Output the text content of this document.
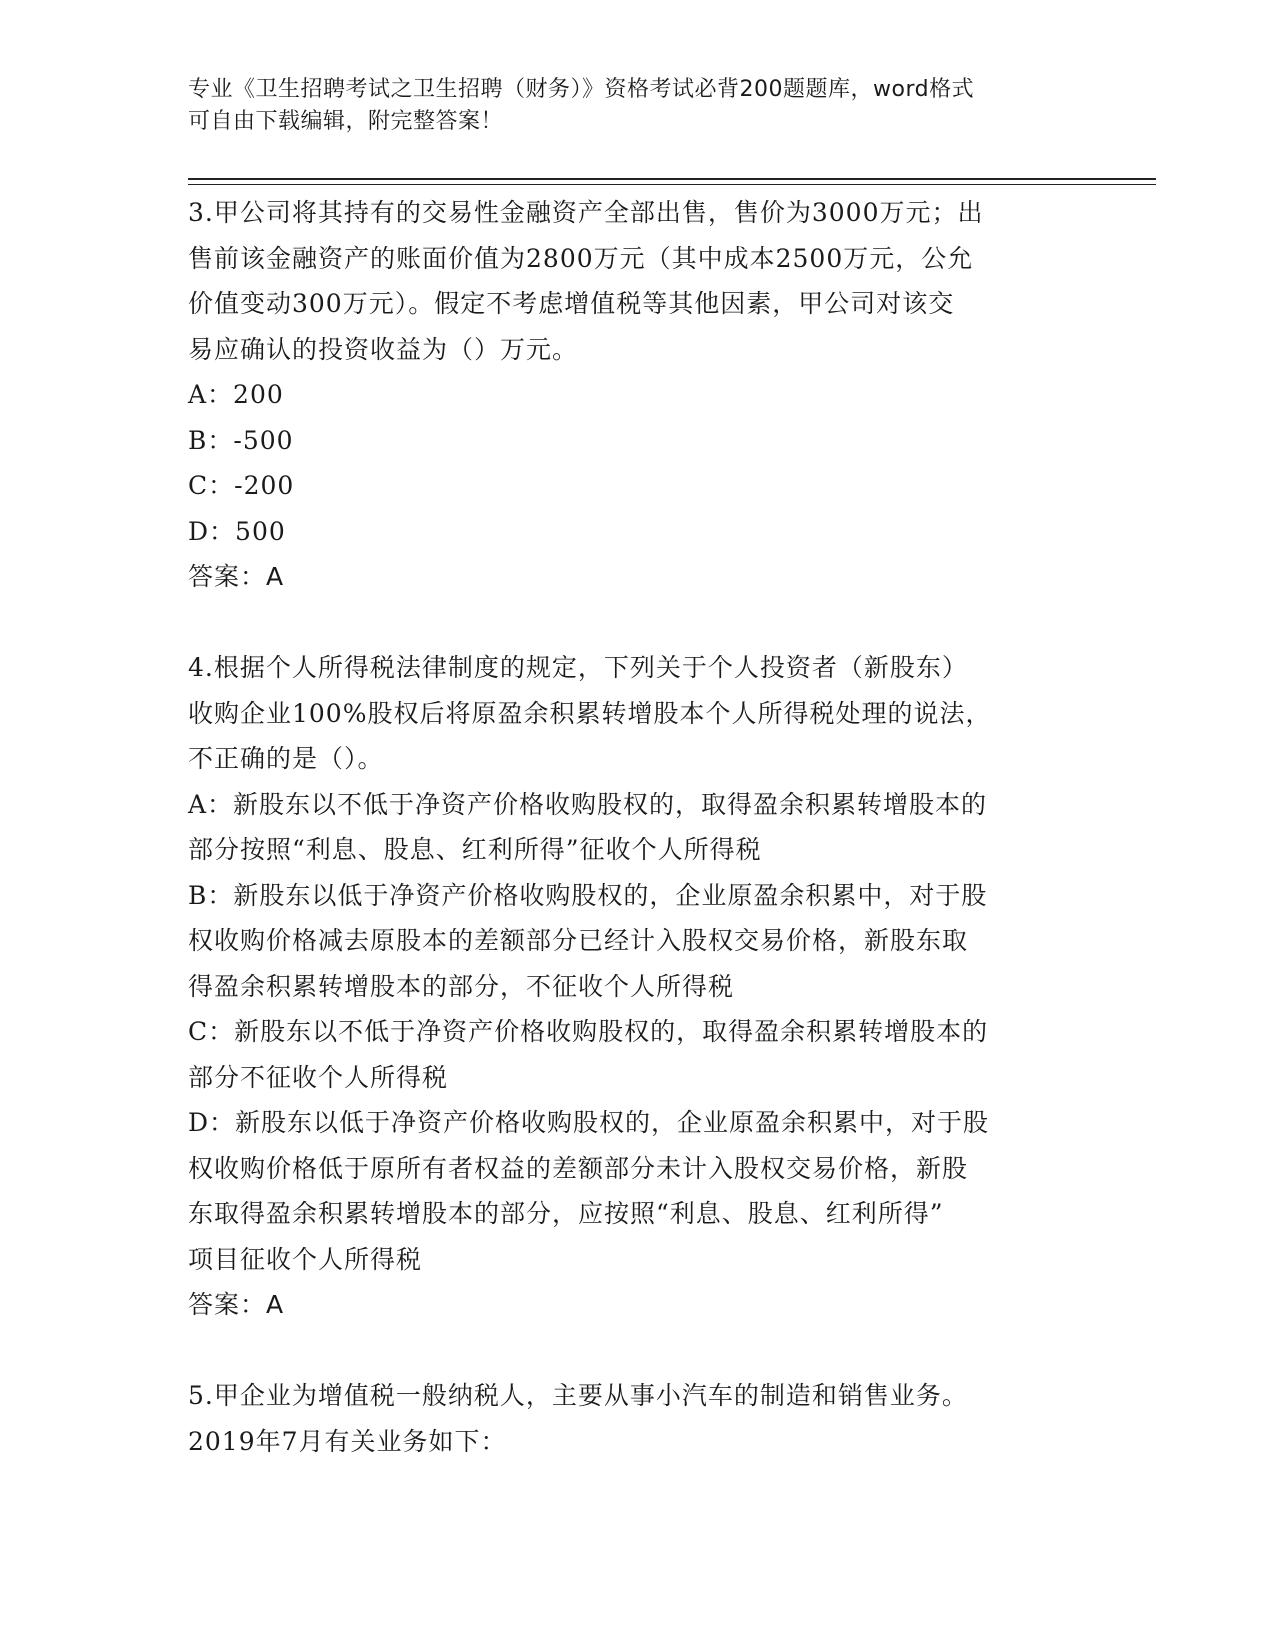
专业《卫生招聘考试之卫生招聘（财务）》资格考试必背200题题库，word格式
可自由下载编辑，附完整答案！
3.甲公司将其持有的交易性金融资产全部出售，售价为3000万元；出
售前该金融资产的账面价值为2800万元（其中成本2500万元，公允
价值变动300万元）。假定不考虑增值税等其他因素，甲公司对该交
易应确认的投资收益为（）万元。
A：200
B：-500
C：-200
D：500
答案：A
4.根据个人所得税法律制度的规定，下列关于个人投资者（新股东）
收购企业100%股权后将原盈余积累转增股本个人所得税处理的说法，
不正确的是（）。
A：新股东以不低于净资产价格收购股权的，取得盈余积累转增股本的
部分按照“利息、股息、红利所得”征收个人所得税
B：新股东以低于净资产价格收购股权的，企业原盈余积累中，对于股
权收购价格减去原股本的差额部分已经计入股权交易价格，新股东取
得盈余积累转增股本的部分，不征收个人所得税
C：新股东以不低于净资产价格收购股权的，取得盈余积累转增股本的
部分不征收个人所得税
D：新股东以低于净资产价格收购股权的，企业原盈余积累中，对于股
权收购价格低于原所有者权益的差额部分未计入股权交易价格，新股
东取得盈余积累转增股本的部分，应按照“利息、股息、红利所得”
项目征收个人所得税
答案：A
5.甲企业为增值税一般纳税人，主要从事小汽车的制造和销售业务。
2019年7月有关业务如下：
